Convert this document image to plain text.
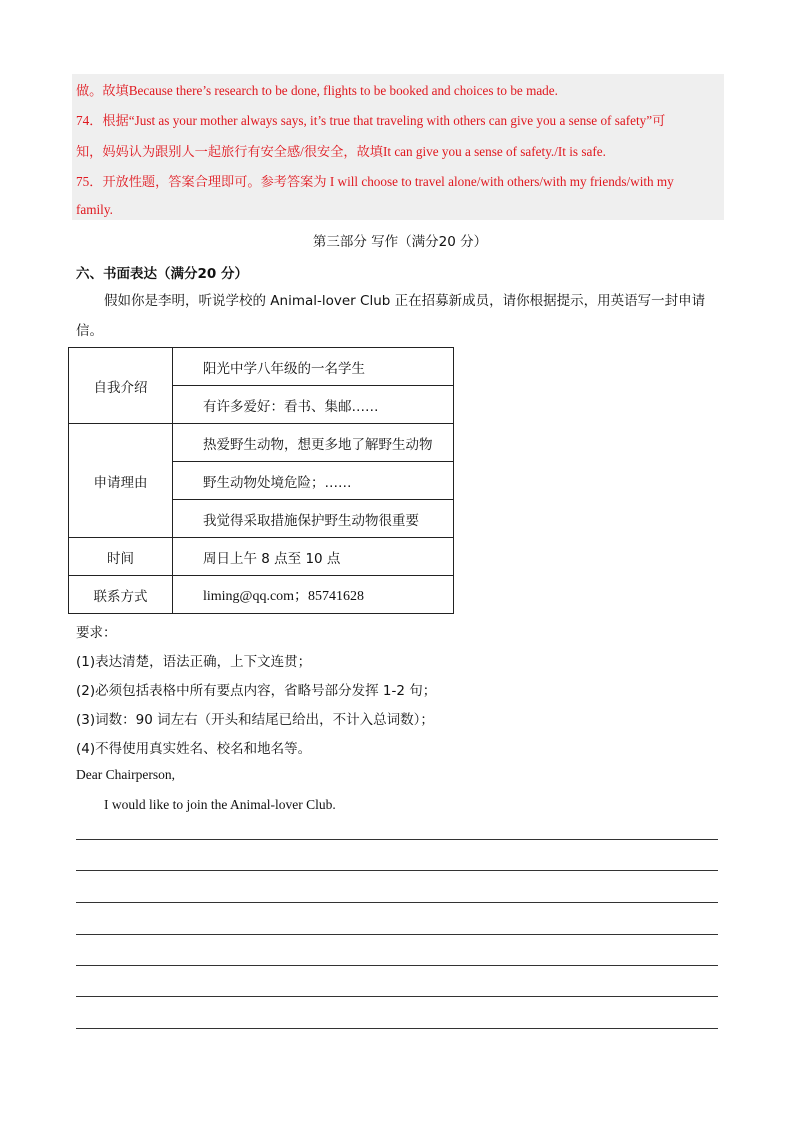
做。故填Because there’s research to be done, flights to be booked and choices to be made.
74．根据“Just as your mother always says, it’s true that traveling with others can give you a sense of safety”可
知，妈妈认为跟别人一起旅行有安全感/很安全，故填It can give you a sense of safety./It is safe.
75．开放性题，答案合理即可。参考答案为 I will choose to travel alone/with others/with my friends/with my
family.
第三部分 写作（满分20 分）
六、书面表达（满分20 分）
假如你是李明，听说学校的 Animal-lover Club 正在招募新成员，请你根据提示，用英语写一封申请信。
自我介绍	阳光中学八年级的一名学生
	有许多爱好：看书、集邮……
申请理由	热爱野生动物，想更多地了解野生动物
	野生动物处境危险；……
	我觉得采取措施保护野生动物很重要
时间	周日上午 8 点至 10 点
联系方式	liming@qq.com；85741628
要求：
(1)表达清楚，语法正确，上下文连贯；
(2)必须包括表格中所有要点内容，省略号部分发挥 1-2 句；
(3)词数：90 词左右（开头和结尾已给出，不计入总词数）；
(4)不得使用真实姓名、校名和地名等。
Dear Chairperson,
I would like to join the Animal-lover Club.
